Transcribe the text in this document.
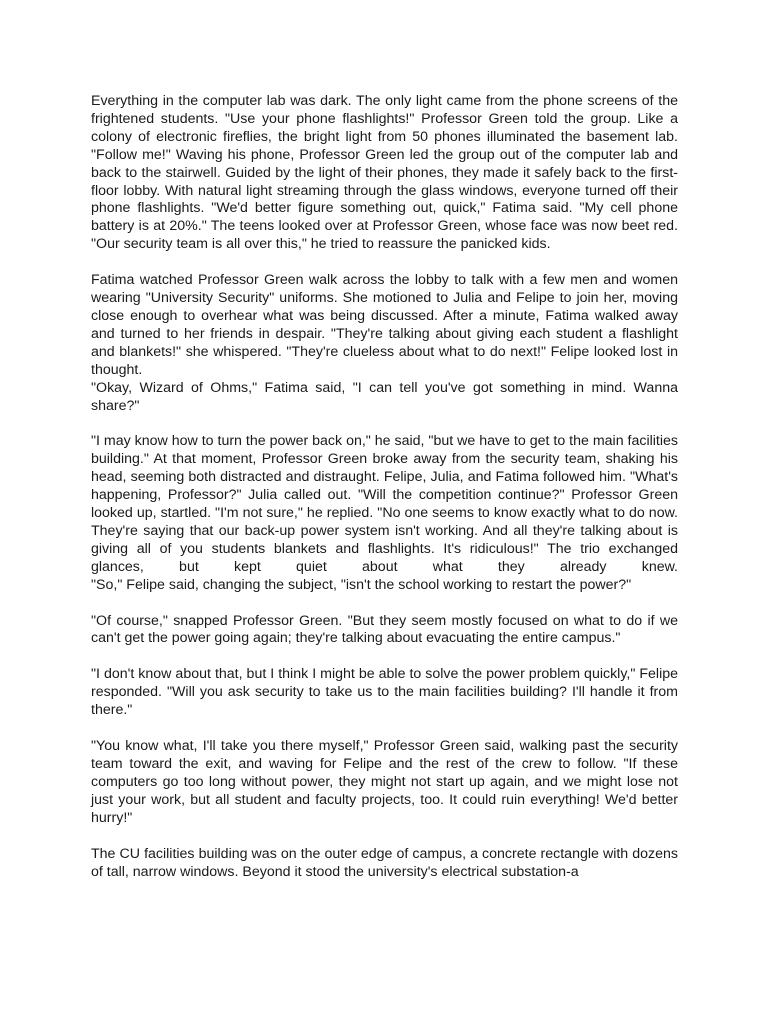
Everything in the computer lab was dark. The only light came from the phone screens of the frightened students. "Use your phone flashlights!" Professor Green told the group. Like a colony of electronic fireflies, the bright light from 50 phones illuminated the basement lab. "Follow me!" Waving his phone, Professor Green led the group out of the computer lab and back to the stairwell. Guided by the light of their phones, they made it safely back to the first-floor lobby. With natural light streaming through the glass windows, everyone turned off their phone flashlights. "We'd better figure something out, quick," Fatima said. "My cell phone battery is at 20%." The teens looked over at Professor Green, whose face was now beet red. "Our security team is all over this," he tried to reassure the panicked kids.

Fatima watched Professor Green walk across the lobby to talk with a few men and women wearing "University Security" uniforms. She motioned to Julia and Felipe to join her, moving close enough to overhear what was being discussed. After a minute, Fatima walked away and turned to her friends in despair. "They're talking about giving each student a flashlight and blankets!" she whispered. "They're clueless about what to do next!" Felipe looked lost in thought.
"Okay, Wizard of Ohms," Fatima said, "I can tell you've got something in mind. Wanna share?"

"I may know how to turn the power back on," he said, "but we have to get to the main facilities building." At that moment, Professor Green broke away from the security team, shaking his head, seeming both distracted and distraught. Felipe, Julia, and Fatima followed him. "What's happening, Professor?" Julia called out. "Will the competition continue?" Professor Green looked up, startled. "I'm not sure," he replied. "No one seems to know exactly what to do now. They're saying that our back-up power system isn't working. And all they're talking about is giving all of you students blankets and flashlights. It's ridiculous!" The trio exchanged glances, but kept quiet about what they already knew.
"So," Felipe said, changing the subject, "isn't the school working to restart the power?"

"Of course," snapped Professor Green. "But they seem mostly focused on what to do if we can't get the power going again; they're talking about evacuating the entire campus."

"I don't know about that, but I think I might be able to solve the power problem quickly," Felipe responded. "Will you ask security to take us to the main facilities building? I'll handle it from there."

"You know what, I'll take you there myself," Professor Green said, walking past the security team toward the exit, and waving for Felipe and the rest of the crew to follow. "If these computers go too long without power, they might not start up again, and we might lose not just your work, but all student and faculty projects, too. It could ruin everything! We'd better hurry!"

The CU facilities building was on the outer edge of campus, a concrete rectangle with dozens of tall, narrow windows. Beyond it stood the university's electrical substation-a
